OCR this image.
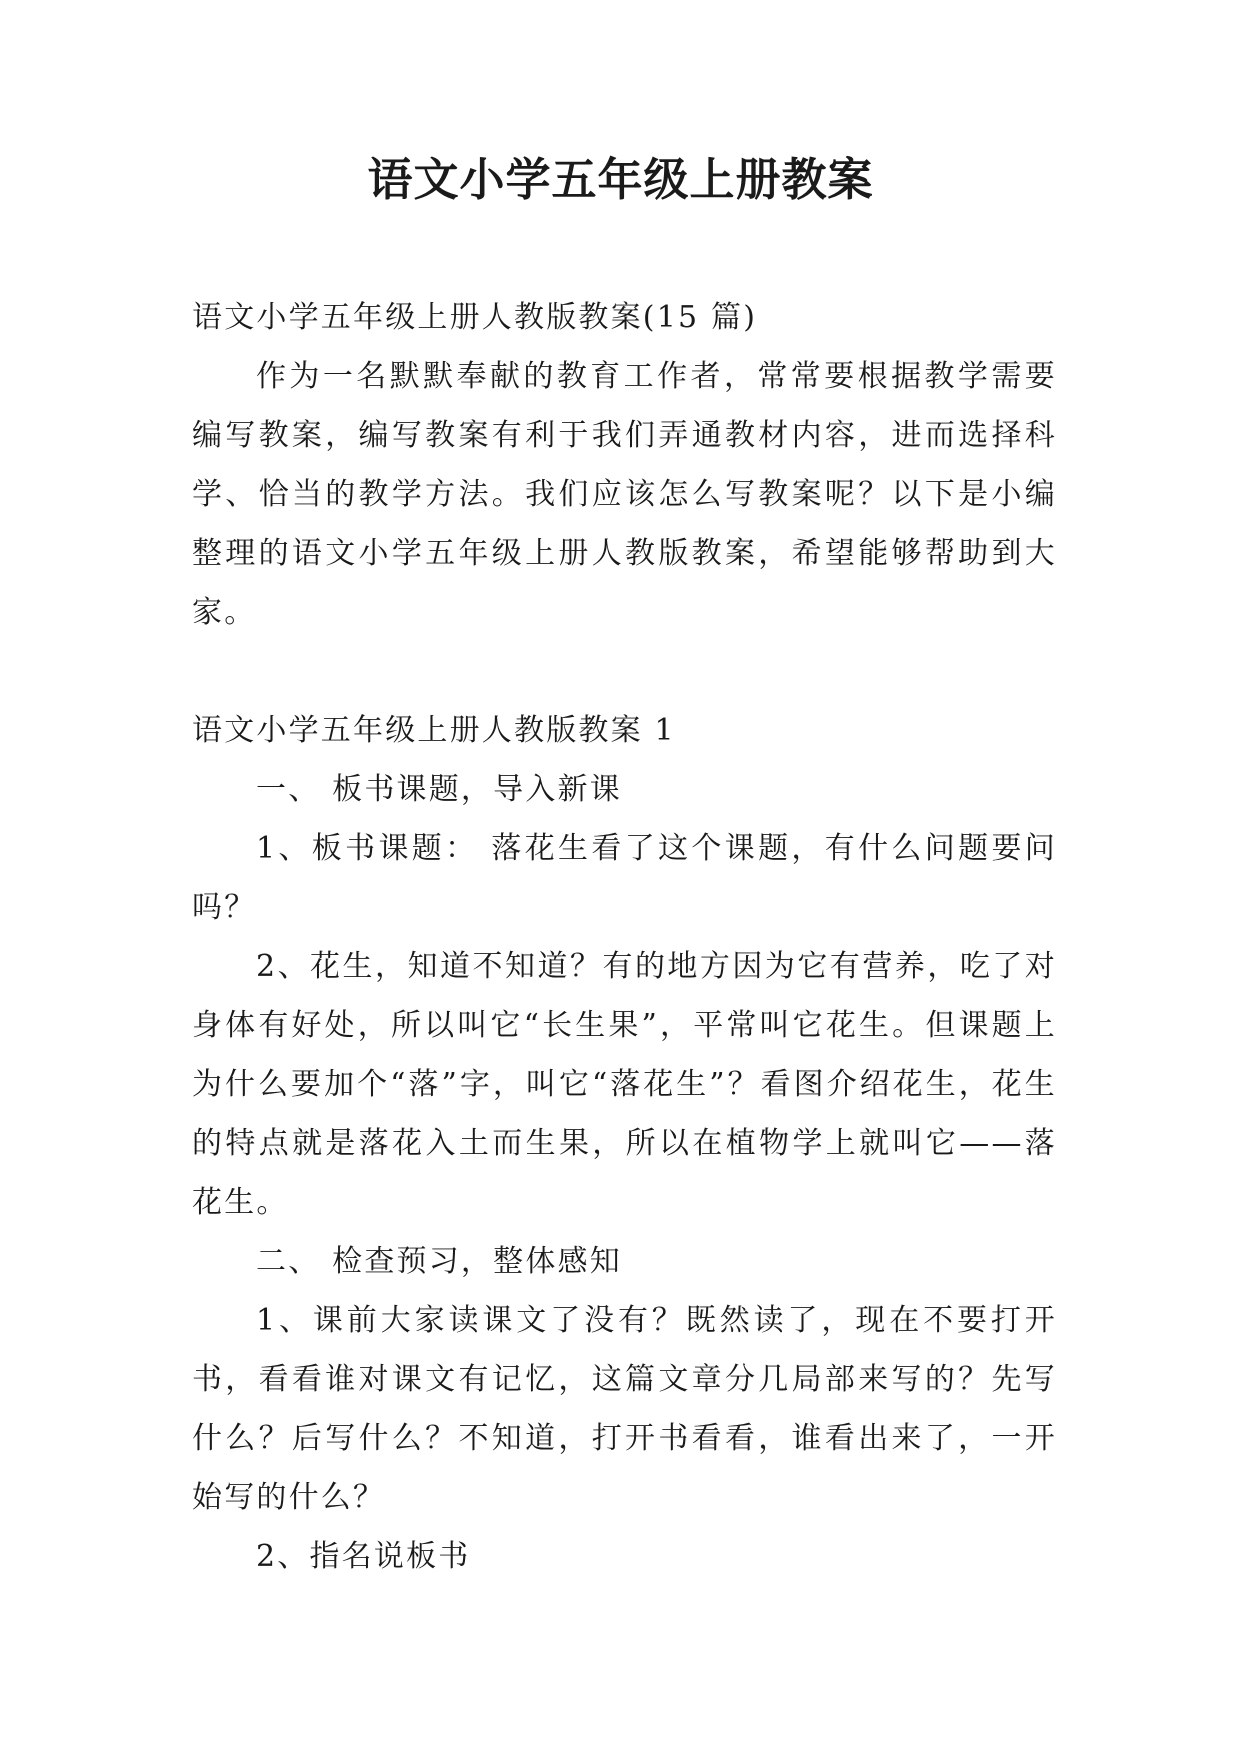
语文小学五年级上册教案

语文小学五年级上册人教版教案(15 篇)

作为一名默默奉献的教育工作者，常常要根据教学需要编写教案，编写教案有利于我们弄通教材内容，进而选择科学、恰当的教学方法。我们应该怎么写教案呢？以下是小编整理的语文小学五年级上册人教版教案，希望能够帮助到大家。

语文小学五年级上册人教版教案 1

一、 板书课题，导入新课

1、板书课题： 落花生看了这个课题，有什么问题要问吗？

2、花生，知道不知道？有的地方因为它有营养，吃了对身体有好处，所以叫它“长生果”，平常叫它花生。但课题上为什么要加个“落”字，叫它“落花生”？看图介绍花生，花生的特点就是落花入土而生果，所以在植物学上就叫它——落花生。

二、 检查预习，整体感知

1、课前大家读课文了没有？既然读了，现在不要打开书，看看谁对课文有记忆，这篇文章分几局部来写的？先写什么？后写什么？不知道，打开书看看，谁看出来了，一开始写的什么？

2、指名说板书
